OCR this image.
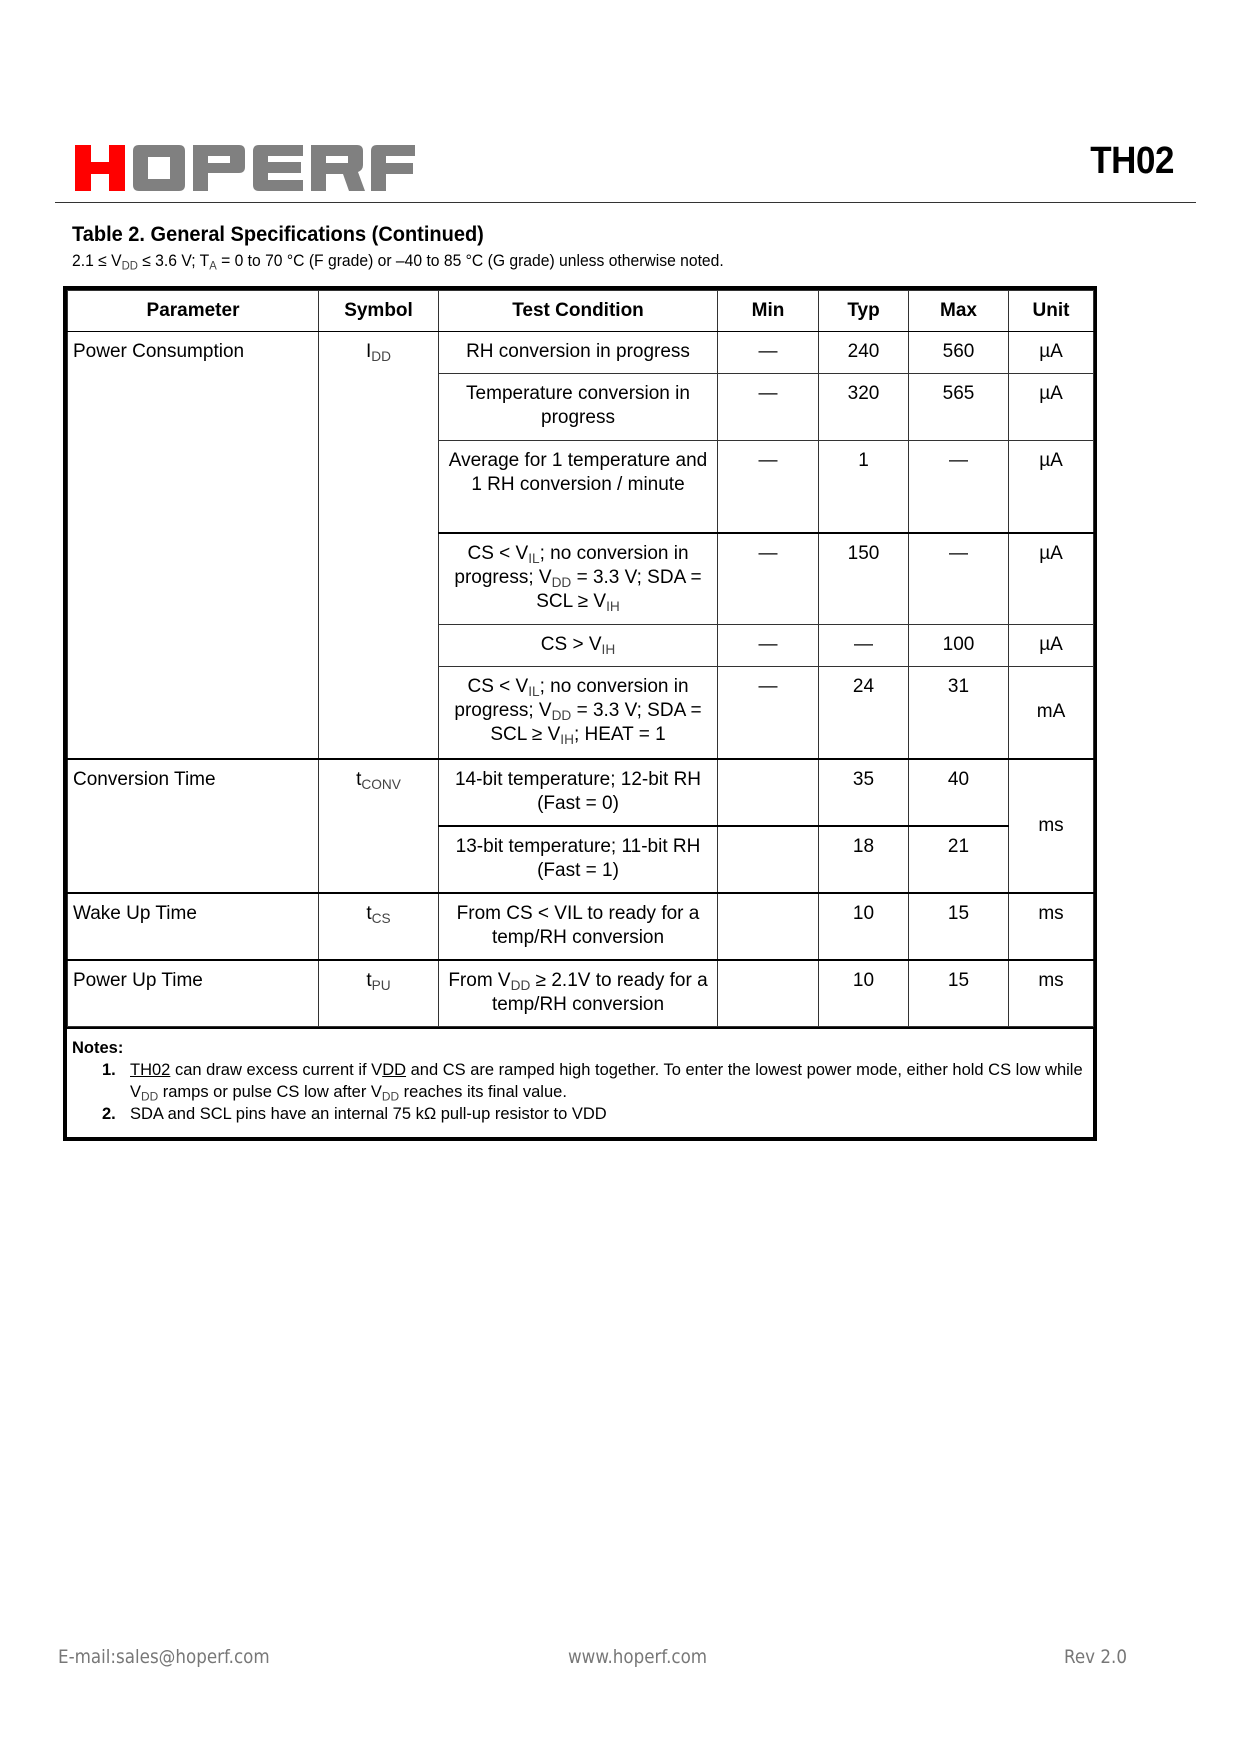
TH02
Table 2. General Specifications (Continued)
$2.1 \le V_{DD} \le 3.6$ V; $T_A = 0$ to 70 °C (F grade) or –40 to 85 °C (G grade) unless otherwise noted.
Parameter	Symbol	Test Condition	Min	Typ	Max	Unit
Power Consumption	$I_{DD}$	RH conversion in progress	—	240	560	µA
		Temperature conversion in progress	—	320	565	µA
		Average for 1 temperature and 1 RH conversion / minute	—	1	—	µA
		CS < $V_{IL}$; no conversion in progress; $V_{DD} = 3.3$ V; SDA = SCL ≥ $V_{IH}$	—	150	—	µA
		CS > $V_{IH}$	—	—	100	µA
		CS < $V_{IL}$; no conversion in progress; $V_{DD} = 3.3$ V; SDA = SCL ≥ $V_{IH}$; HEAT = 1	—	24	31	mA
Conversion Time	$t_{CONV}$	14-bit temperature; 12-bit RH (Fast = 0)		35	40	ms
		13-bit temperature; 11-bit RH (Fast = 1)		18	21	
Wake Up Time	$t_{CS}$	From CS < VIL to ready for a temp/RH conversion		10	15	ms
Power Up Time	$t_{PU}$	From $V_{DD} \ge 2.1V$ to ready for a temp/RH conversion		10	15	ms
Notes:
1. TH02 can draw excess current if VDD and CS are ramped high together. To enter the lowest power mode, either hold CS low while $V_{DD}$ ramps or pulse CS low after $V_{DD}$ reaches its final value.
2. SDA and SCL pins have an internal 75 kΩ pull-up resistor to VDD
E-mail:sales@hoperf.com	www.hoperf.com	Rev 2.0
